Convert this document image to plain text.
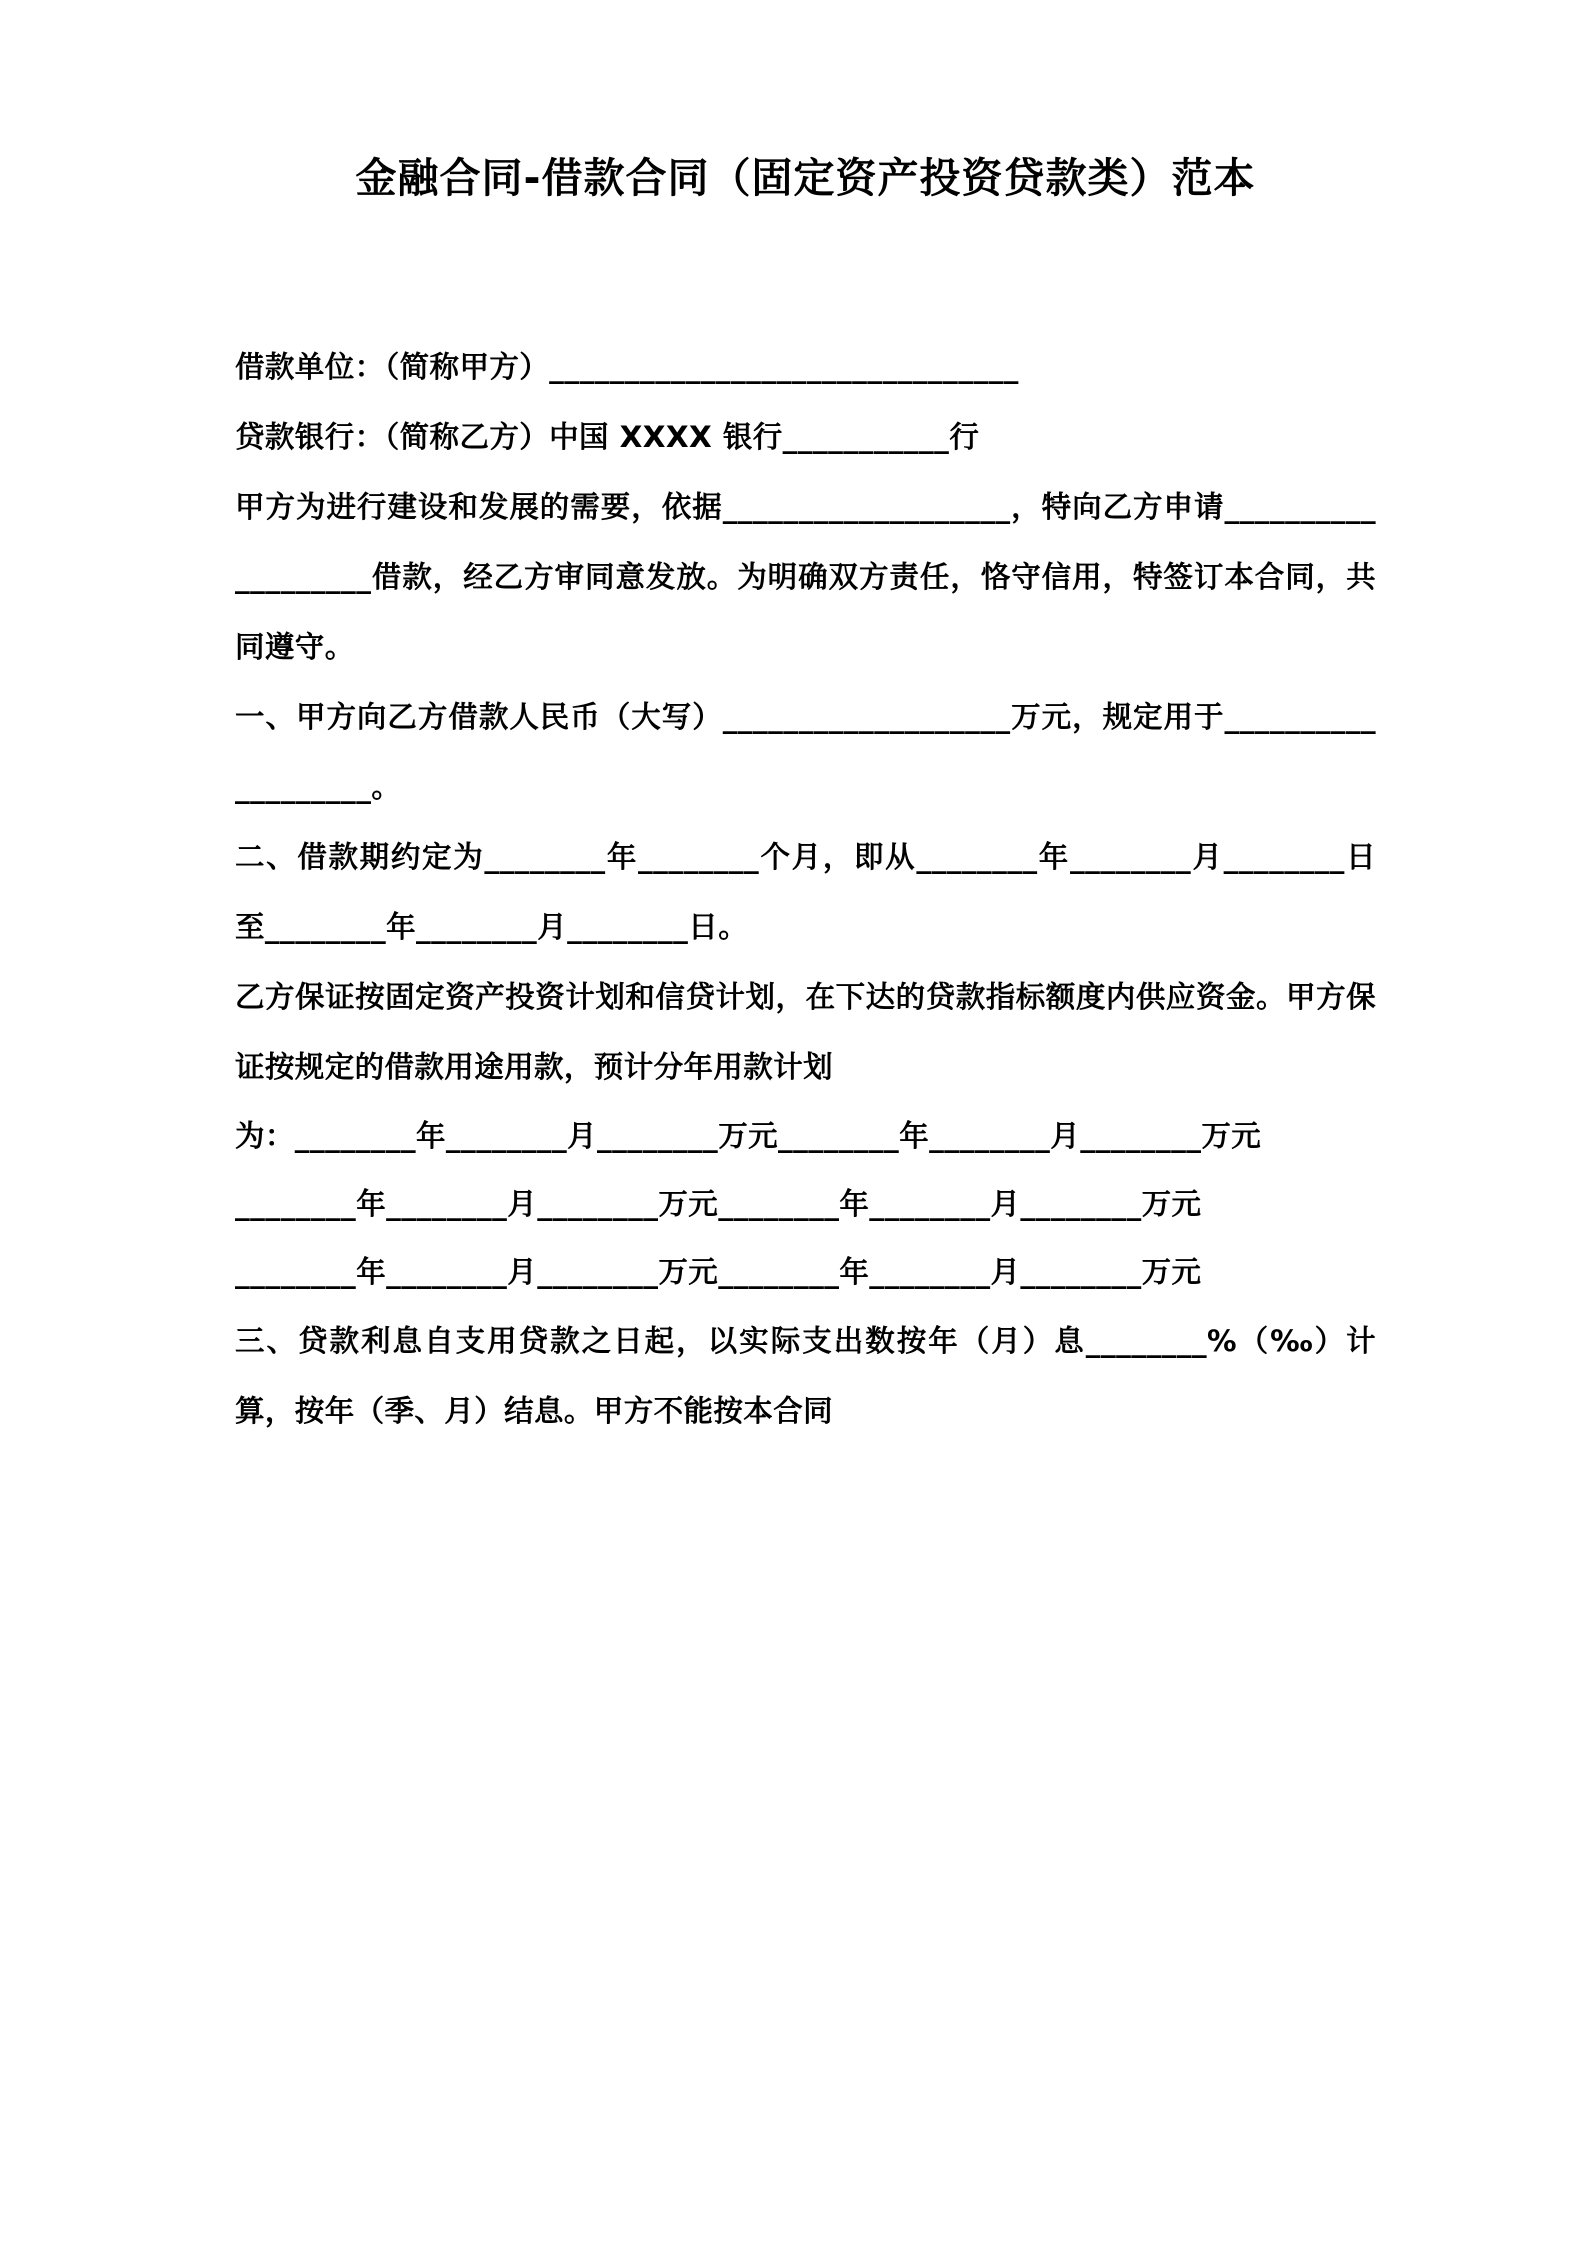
金融合同-借款合同（固定资产投资贷款类）范本

借款单位：（简称甲方）_______________________________

贷款银行：（简称乙方）中国 XXXX 银行___________行

甲方为进行建设和发展的需要，依据___________________，特向乙方申请___________________借款，经乙方审同意发放。为明确双方责任，恪守信用，特签订本合同，共同遵守。

一、甲方向乙方借款人民币（大写）___________________万元，规定用于___________________。

二、借款期约定为________年________个月，即从________年________月________日至________年________月________日。

乙方保证按固定资产投资计划和信贷计划，在下达的贷款指标额度内供应资金。甲方保证按规定的借款用途用款，预计分年用款计划

为：________年________月________万元________年________月________万元

________年________月________万元________年________月________万元

________年________月________万元________年________月________万元

三、贷款利息自支用贷款之日起，以实际支出数按年（月）息________%（‰）计算，按年（季、月）结息。甲方不能按本合同
